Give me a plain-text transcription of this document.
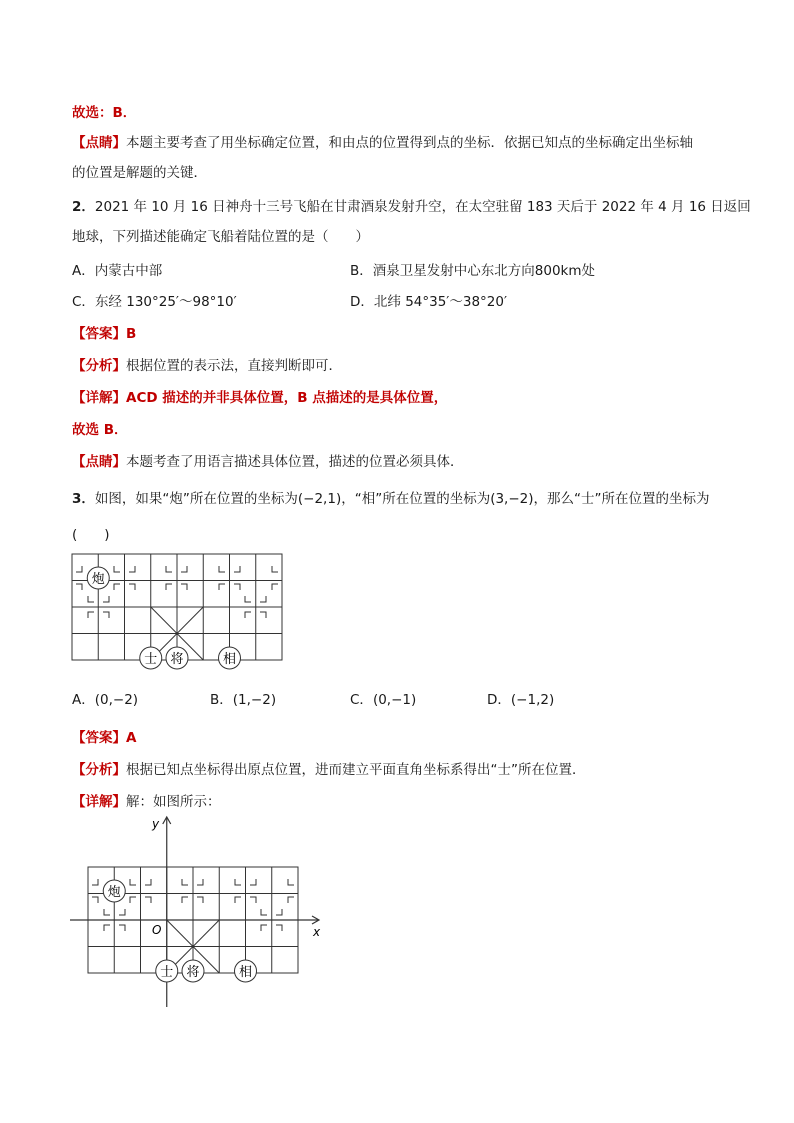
故选：B．
【点睛】本题主要考查了用坐标确定位置，和由点的位置得到点的坐标．依据已知点的坐标确定出坐标轴
的位置是解题的关键．
2．2021 年 10 月 16 日神舟十三号飞船在甘肃酒泉发射升空，在太空驻留 183 天后于 2022 年 4 月 16 日返回
地球，下列描述能确定飞船着陆位置的是（　　）
A．内蒙古中部	B．酒泉卫星发射中心东北方向800km处
C．东经 130°25′～98°10′	D．北纬 54°35′～38°20′
【答案】B
【分析】根据位置的表示法，直接判断即可．
【详解】ACD 描述的并非具体位置，B 点描述的是具体位置，
故选 B．
【点睛】本题考查了用语言描述具体位置，描述的位置必须具体．
3．如图，如果“炮”所在位置的坐标为(−2,1)，“相”所在位置的坐标为(3,−2)，那么“士”所在位置的坐标为
(　　)
炮
士 将	相
A．(0,−2)	B．(1,−2)	C．(0,−1)	D．(−1,2)
【答案】A
【分析】根据已知点坐标得出原点位置，进而建立平面直角坐标系得出“士”所在位置．
【详解】解：如图所示：
x
y
O
炮
士 将	相
